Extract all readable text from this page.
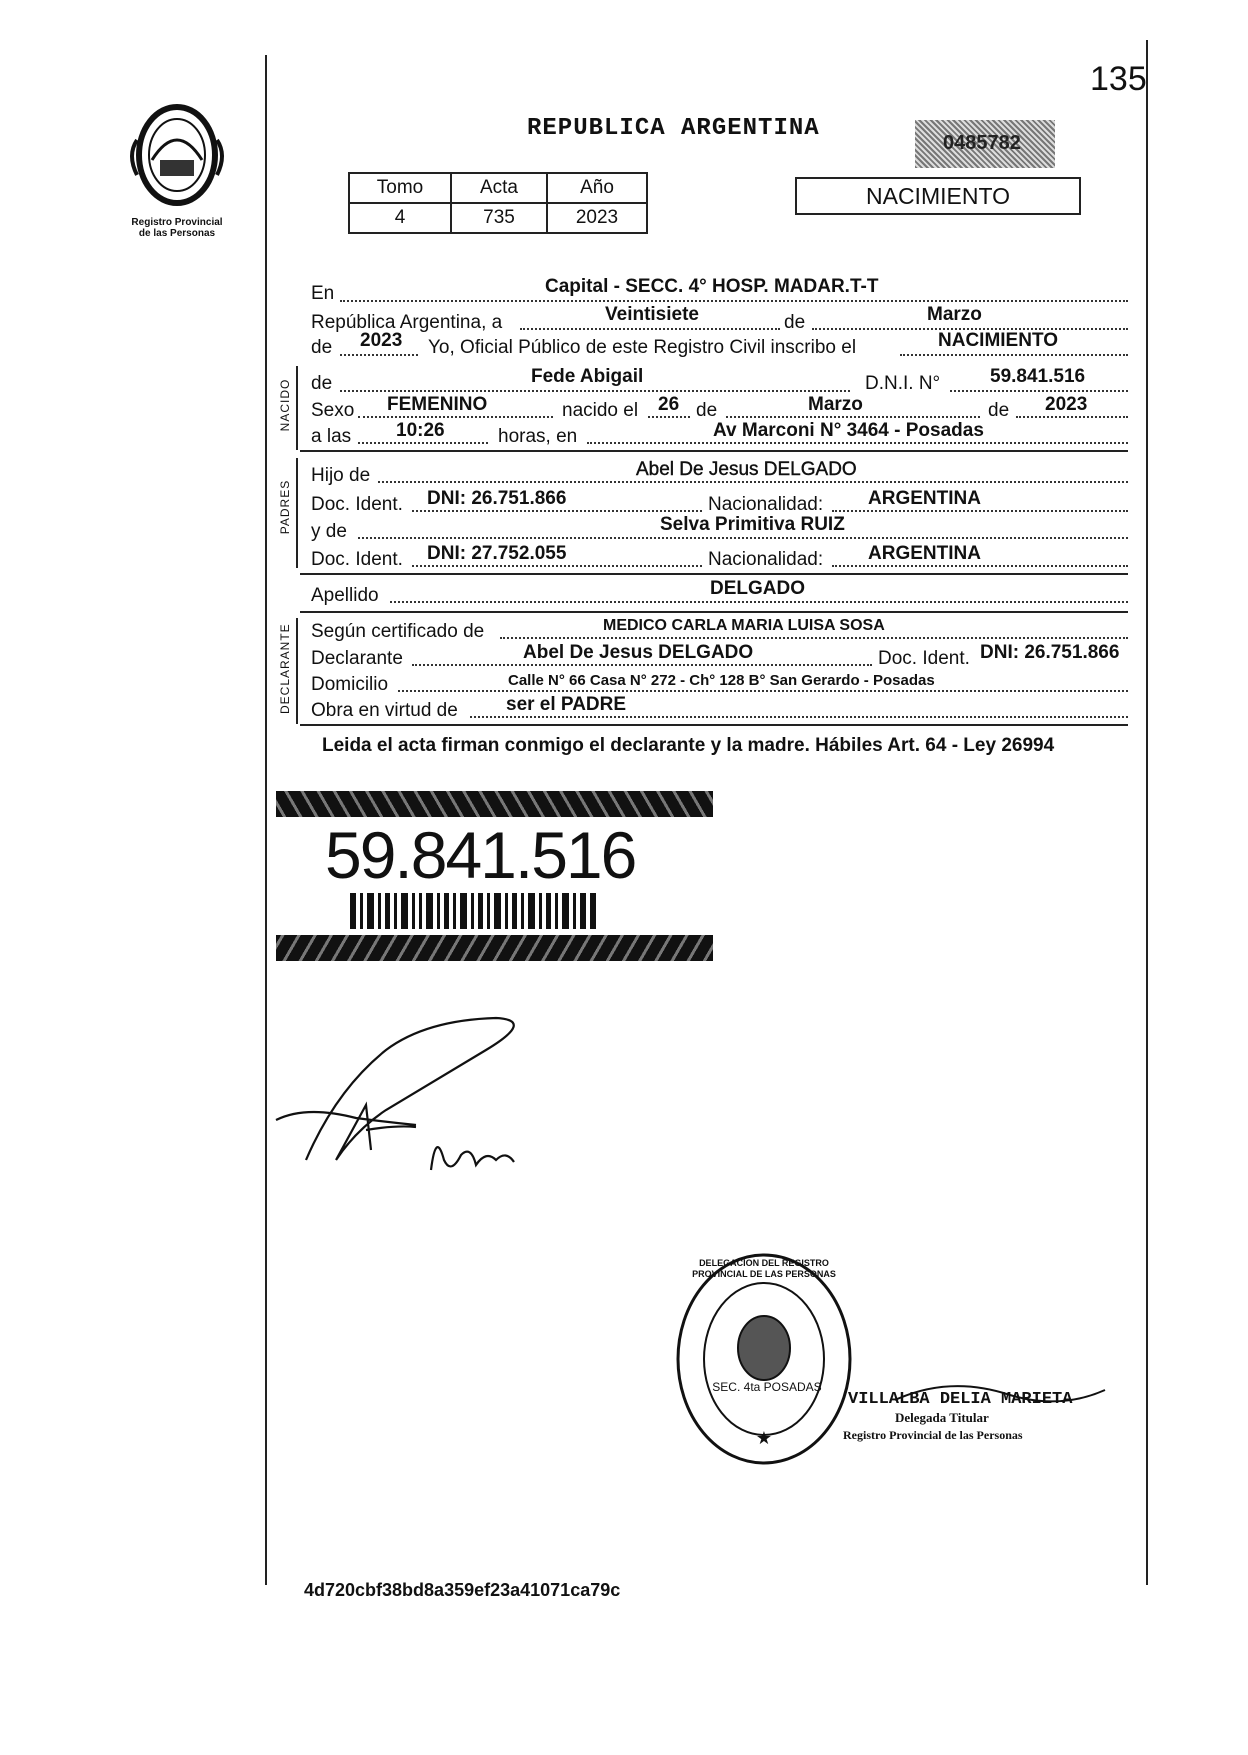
135
Registro Provincial
de las Personas
REPUBLICA ARGENTINA
0485782
NACIMIENTO
Tomo	Acta	Año
4	735	2023
En	Capital - SECC. 4° HOSP. MADAR.T-T
República Argentina, a	Veintisiete	de	Marzo
de 2023 Yo, Oficial Público de este Registro Civil inscribo el	NACIMIENTO
NACIDO de	Fede Abigail	D.N.I. N°	59.841.516
Sexo FEMENINO	nacido el 26 de	Marzo	de 2023
a las 10:26	horas, en	Av Marconi N° 3464 - Posadas
PADRES
Hijo de	Abel De Jesus DELGADO
Doc. Ident. DNI: 26.751.866	Nacionalidad: ARGENTINA
y de	Selva Primitiva RUIZ
Doc. Ident. DNI: 27.752.055	Nacionalidad: ARGENTINA
Apellido	DELGADO
DECLARANTE Según certificado de	MEDICO CARLA MARIA LUISA SOSA
Declarante	Abel De Jesus DELGADO	Doc. Ident. DNI: 26.751.866
Domicilio	Calle N° 66 Casa N° 272 - Ch° 128 B° San Gerardo - Posadas
Obra en virtud de	ser el PADRE
Leida el acta firman conmigo el declarante y la madre. Hábiles Art. 64 - Ley 26994
59.841.516
★
DELEGACION DEL REGISTRO PROVINCIAL DE LAS PERSONAS
SEC. 4ta POSADAS
VILLALBA DELIA MARIETA
Delegada Titular
Registro Provincial de las Personas
4d720cbf38bd8a359ef23a41071ca79c
